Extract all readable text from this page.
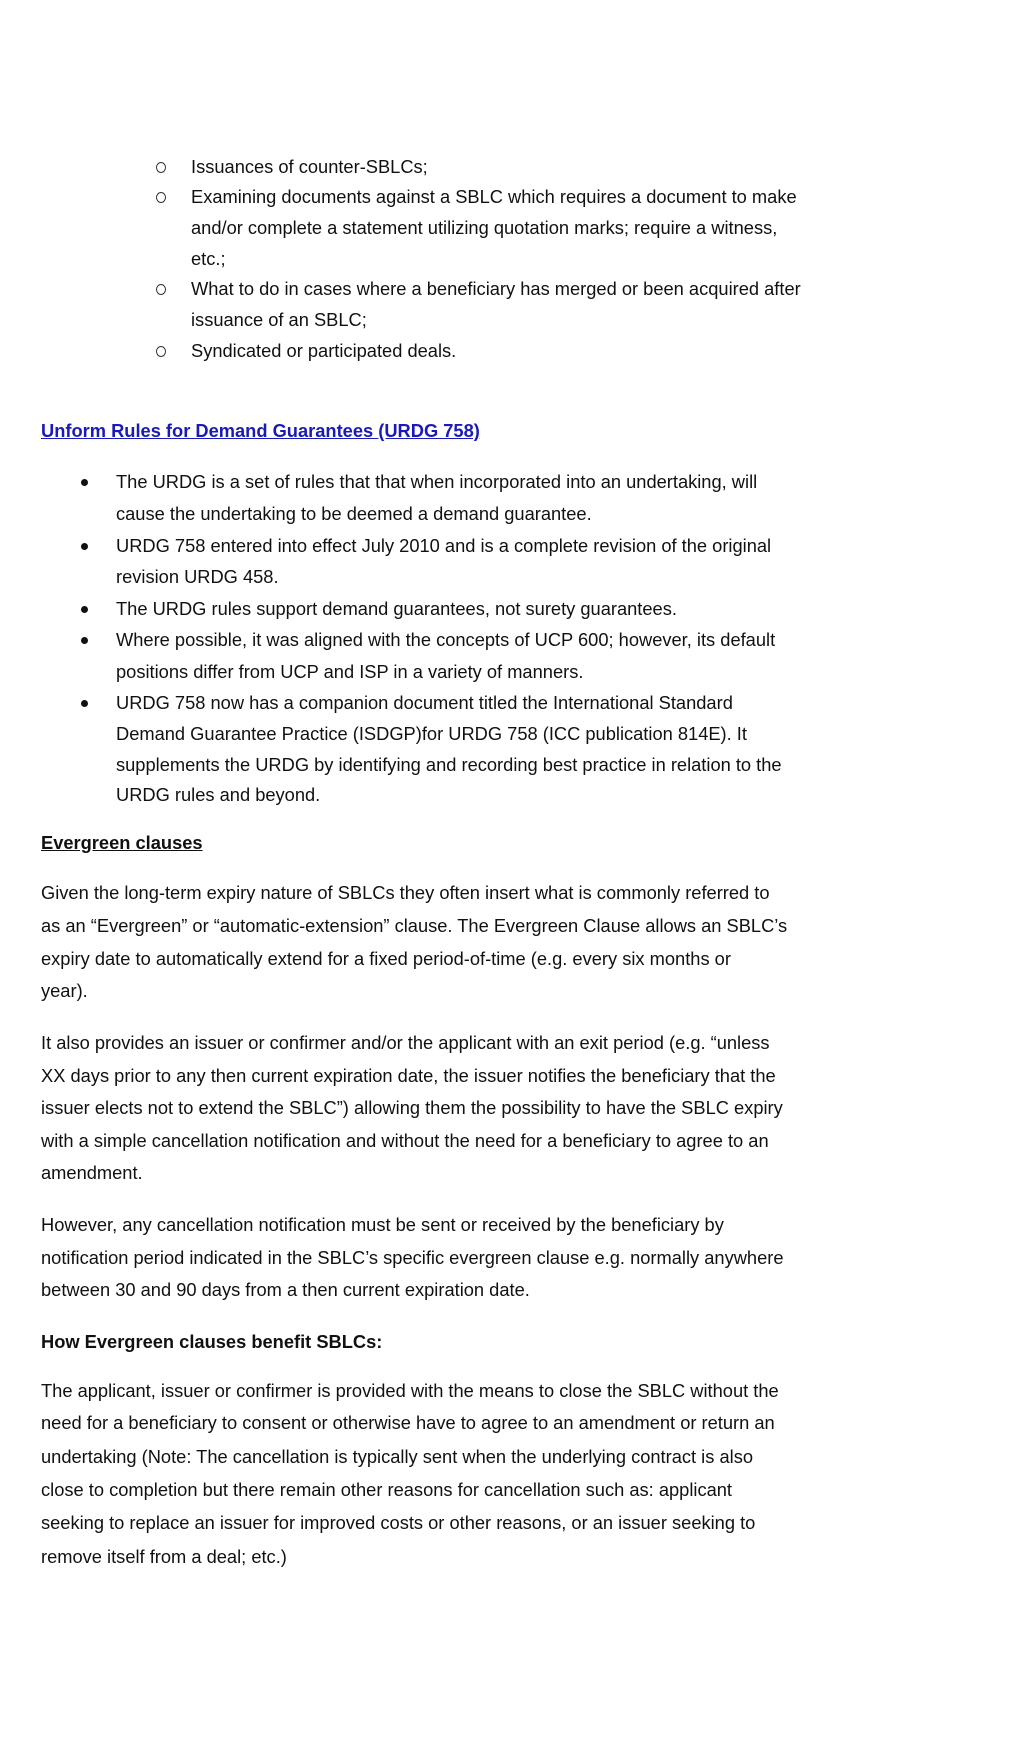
Issuances of counter-SBLCs;
Examining documents against a SBLC which requires a document to make
and/or complete a statement utilizing quotation marks; require a witness,
etc.;
What to do in cases where a beneficiary has merged or been acquired after
issuance of an SBLC;
Syndicated or participated deals.
Unform Rules for Demand Guarantees (URDG 758)
The URDG is a set of rules that that when incorporated into an undertaking, will
cause the undertaking to be deemed a demand guarantee.
URDG 758 entered into effect July 2010 and is a complete revision of the original
revision URDG 458.
The URDG rules support demand guarantees, not surety guarantees.
Where possible, it was aligned with the concepts of UCP 600; however, its default
positions differ from UCP and ISP in a variety of manners.
URDG 758 now has a companion document titled the International Standard
Demand Guarantee Practice (ISDGP)for URDG 758 (ICC publication 814E). It
supplements the URDG by identifying and recording best practice in relation to the
URDG rules and beyond.
Evergreen clauses
Given the long-term expiry nature of SBLCs they often insert what is commonly referred to
as an “Evergreen” or “automatic-extension” clause. The Evergreen Clause allows an SBLC’s
expiry date to automatically extend for a fixed period-of-time (e.g. every six months or
year).
It also provides an issuer or confirmer and/or the applicant with an exit period (e.g. “unless
XX days prior to any then current expiration date, the issuer notifies the beneficiary that the
issuer elects not to extend the SBLC”) allowing them the possibility to have the SBLC expiry
with a simple cancellation notification and without the need for a beneficiary to agree to an
amendment.
However, any cancellation notification must be sent or received by the beneficiary by
notification period indicated in the SBLC’s specific evergreen clause e.g. normally anywhere
between 30 and 90 days from a then current expiration date.
How Evergreen clauses benefit SBLCs:
The applicant, issuer or confirmer is provided with the means to close the SBLC without the
need for a beneficiary to consent or otherwise have to agree to an amendment or return an
undertaking (Note: The cancellation is typically sent when the underlying contract is also
close to completion but there remain other reasons for cancellation such as: applicant
seeking to replace an issuer for improved costs or other reasons, or an issuer seeking to
remove itself from a deal; etc.)
